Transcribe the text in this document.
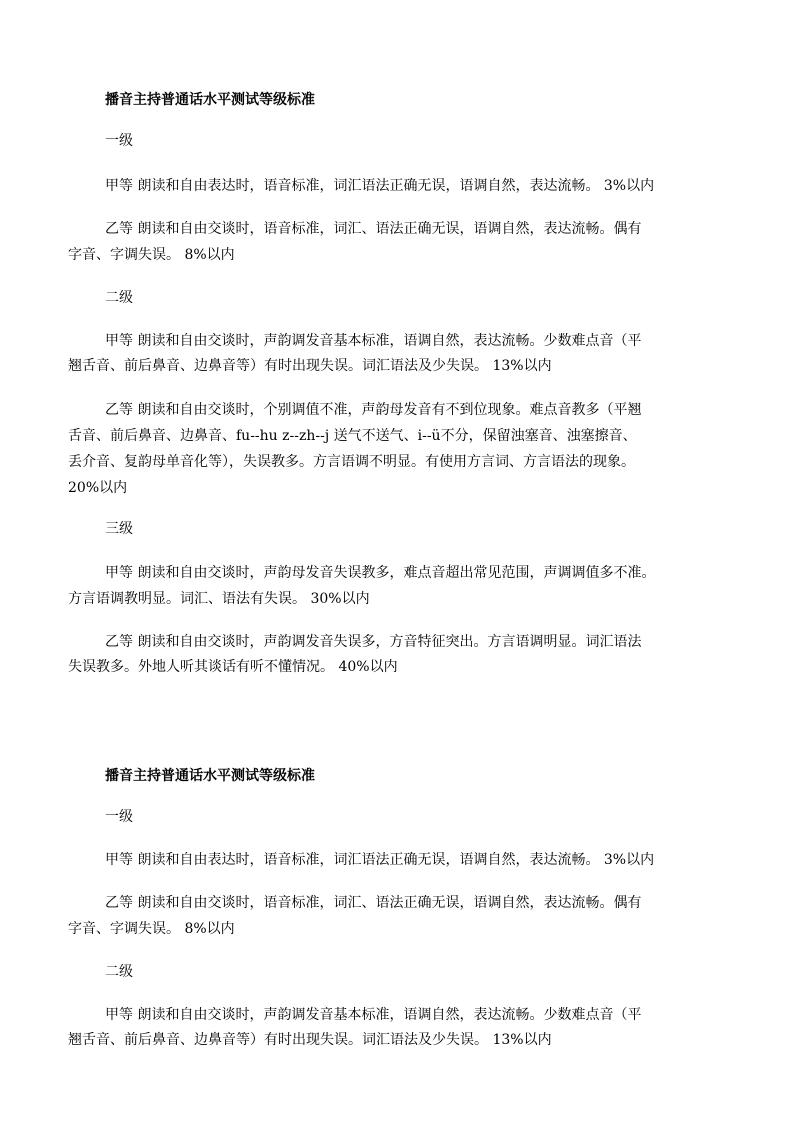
播音主持普通话水平测试等级标准
一级
甲等 朗读和自由表达时，语音标准，词汇语法正确无误，语调自然，表达流畅。 3%以内
乙等 朗读和自由交谈时，语音标准，词汇、语法正确无误，语调自然，表达流畅。偶有
字音、字调失误。 8%以内
二级
甲等 朗读和自由交谈时，声韵调发音基本标准，语调自然，表达流畅。少数难点音（平
翘舌音、前后鼻音、边鼻音等）有时出现失误。词汇语法及少失误。 13%以内
乙等 朗读和自由交谈时，个别调值不准，声韵母发音有不到位现象。难点音教多（平翘
舌音、前后鼻音、边鼻音、fu--hu z--zh--j 送气不送气、i--ü不分，保留浊塞音、浊塞擦音、
丢介音、复韵母单音化等），失误教多。方言语调不明显。有使用方言词、方言语法的现象。
20%以内
三级
甲等 朗读和自由交谈时，声韵母发音失误教多，难点音超出常见范围，声调调值多不准。
方言语调教明显。词汇、语法有失误。 30%以内
乙等 朗读和自由交谈时，声韵调发音失误多，方音特征突出。方言语调明显。词汇语法
失误教多。外地人听其谈话有听不懂情况。 40%以内
播音主持普通话水平测试等级标准
一级
甲等 朗读和自由表达时，语音标准，词汇语法正确无误，语调自然，表达流畅。 3%以内
乙等 朗读和自由交谈时，语音标准，词汇、语法正确无误，语调自然，表达流畅。偶有
字音、字调失误。 8%以内
二级
甲等 朗读和自由交谈时，声韵调发音基本标准，语调自然，表达流畅。少数难点音（平
翘舌音、前后鼻音、边鼻音等）有时出现失误。词汇语法及少失误。 13%以内
